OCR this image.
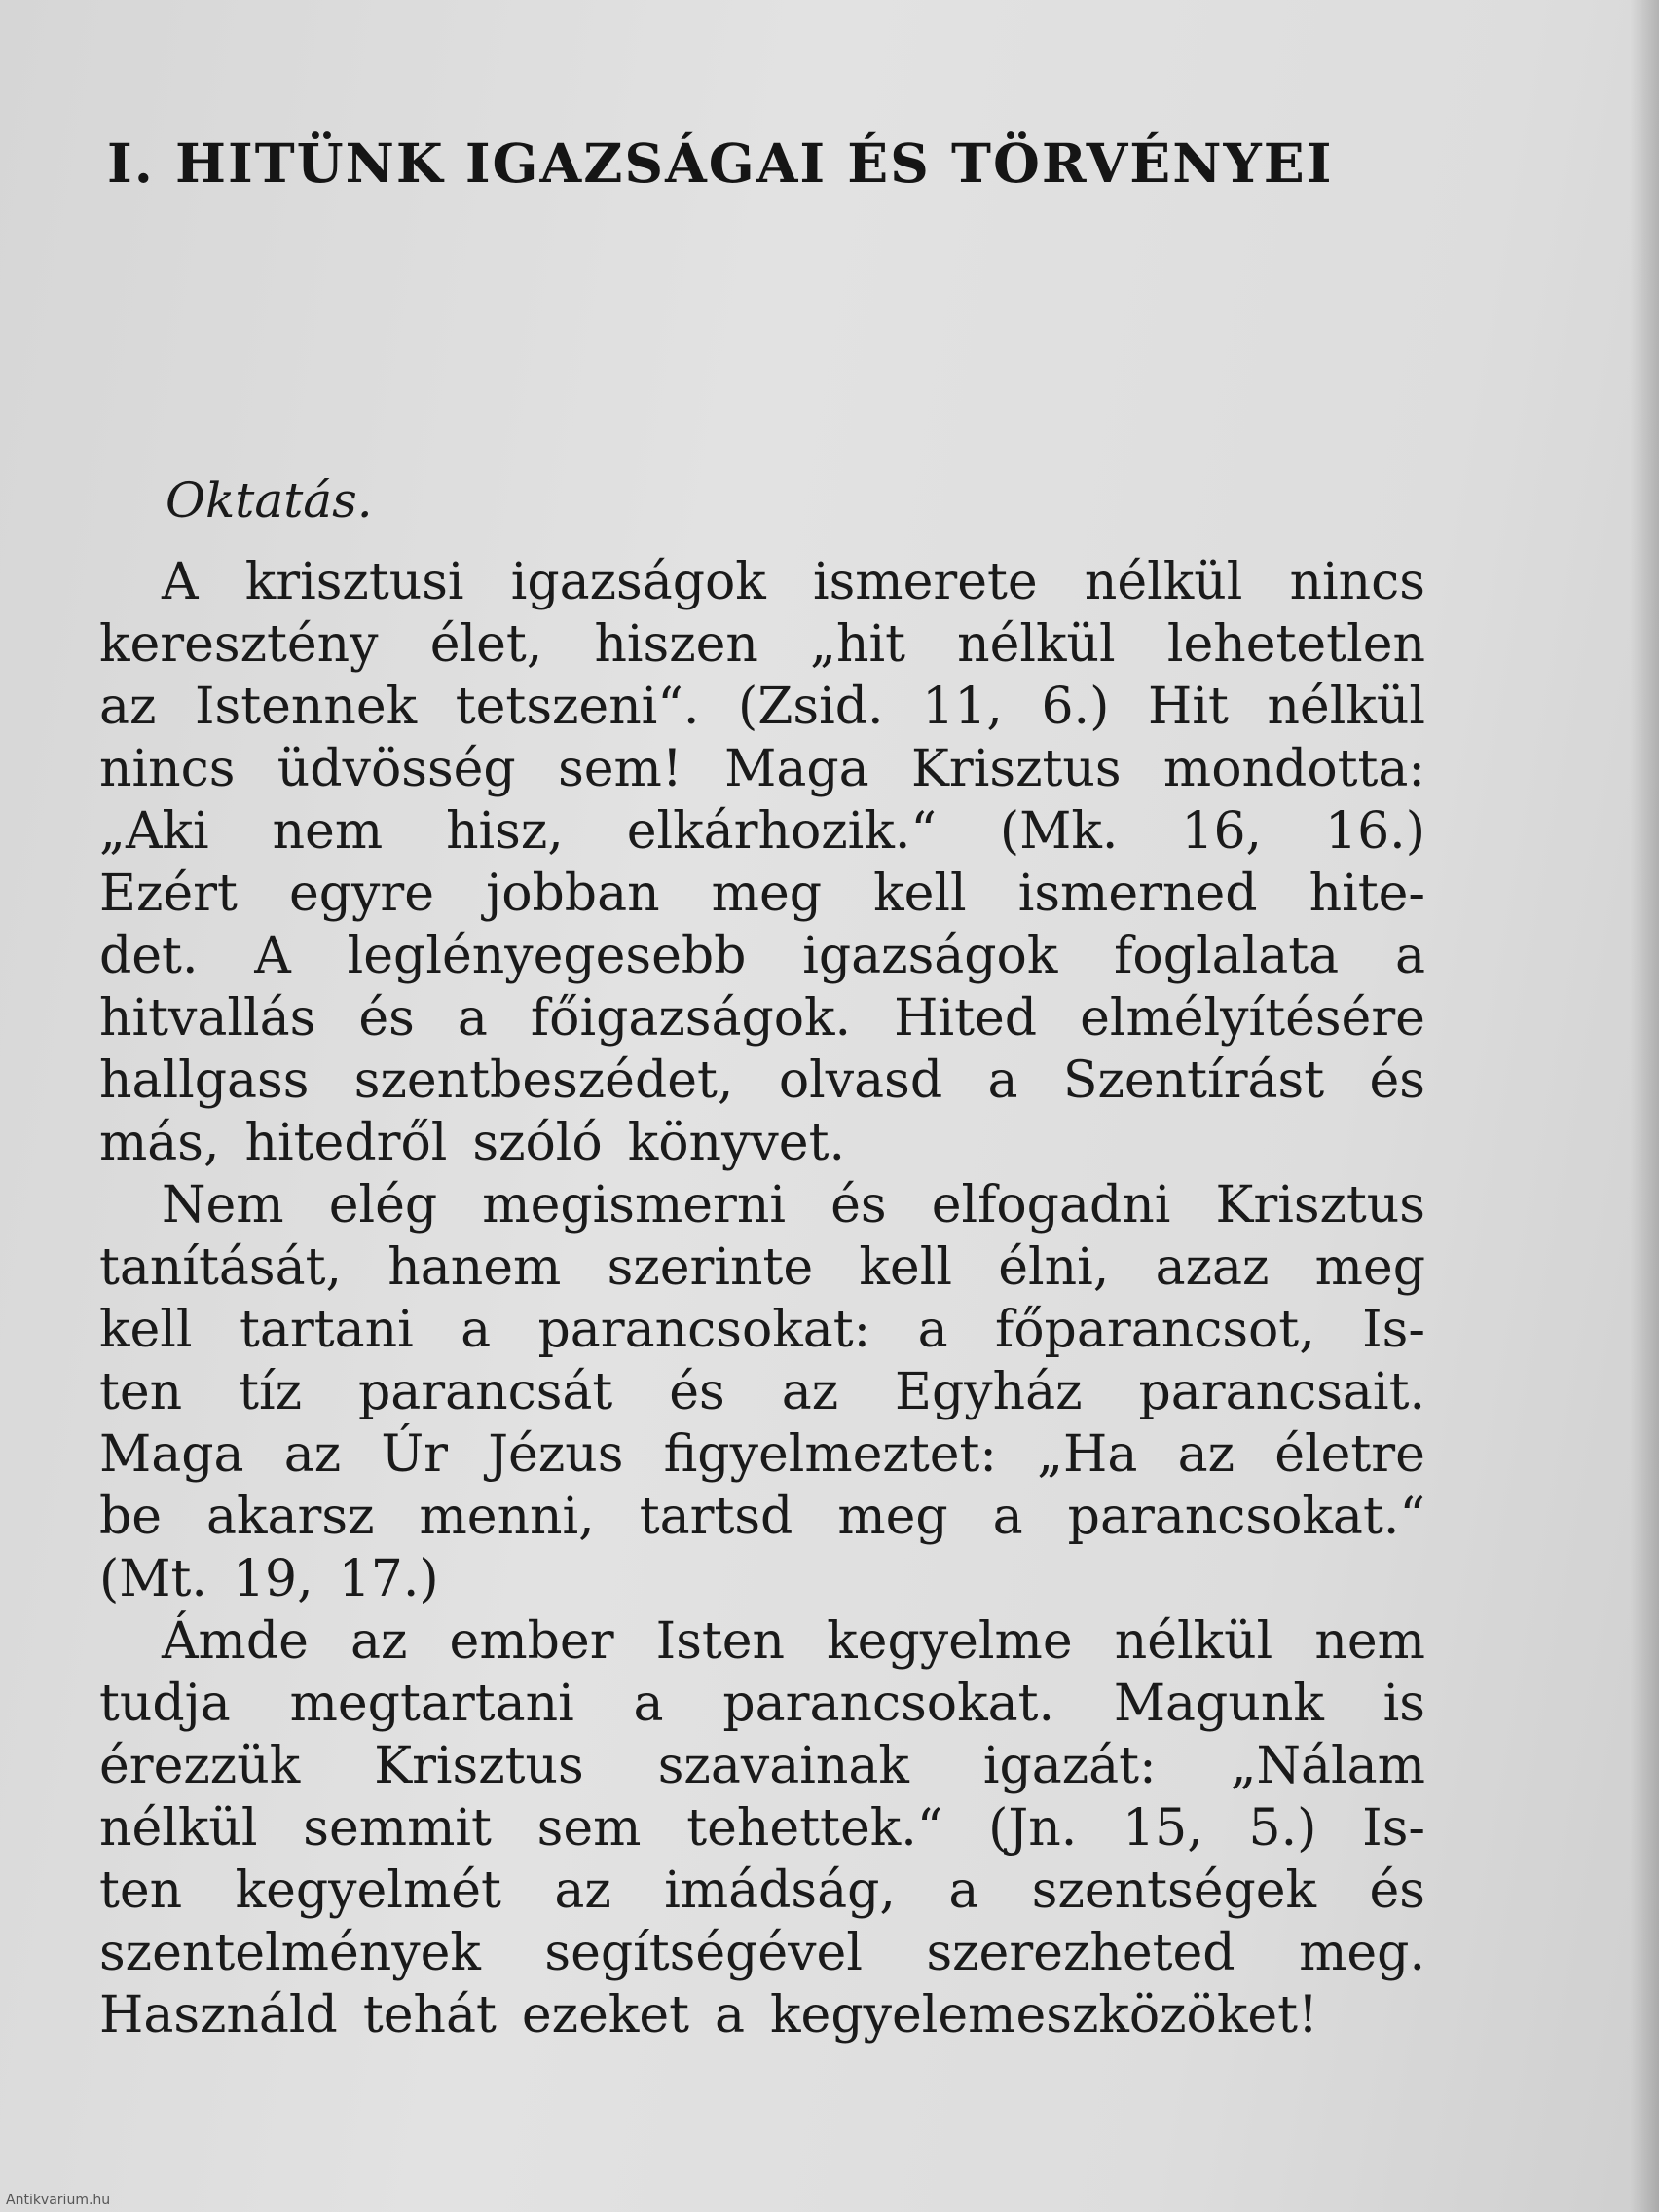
I. HITÜNK IGAZSÁGAI ÉS TÖRVÉNYEI
Oktatás.
A krisztusi igazságok ismerete nélkül nincs
keresztény élet, hiszen „hit nélkül lehetetlen
az Istennek tetszeni“. (Zsid. 11, 6.) Hit nélkül
nincs üdvösség sem! Maga Krisztus mondotta:
„Aki nem hisz, elkárhozik.“ (Mk. 16, 16.)
Ezért egyre jobban meg kell ismerned hite-
det. A leglényegesebb igazságok foglalata a
hitvallás és a főigazságok. Hited elmélyítésére
hallgass szentbeszédet, olvasd a Szentírást és
más, hitedről szóló könyvet.
Nem elég megismerni és elfogadni Krisztus
tanítását, hanem szerinte kell élni, azaz meg
kell tartani a parancsokat: a főparancsot, Is-
ten tíz parancsát és az Egyház parancsait.
Maga az Úr Jézus figyelmeztet: „Ha az életre
be akarsz menni, tartsd meg a parancsokat.“
(Mt. 19, 17.)
Ámde az ember Isten kegyelme nélkül nem
tudja megtartani a parancsokat. Magunk is
érezzük Krisztus szavainak igazát: „Nálam
nélkül semmit sem tehettek.“ (Jn. 15, 5.) Is-
ten kegyelmét az imádság, a szentségek és
szentelmények segítségével szerezheted meg.
Használd tehát ezeket a kegyelemeszközöket!
Antikvarium.hu
